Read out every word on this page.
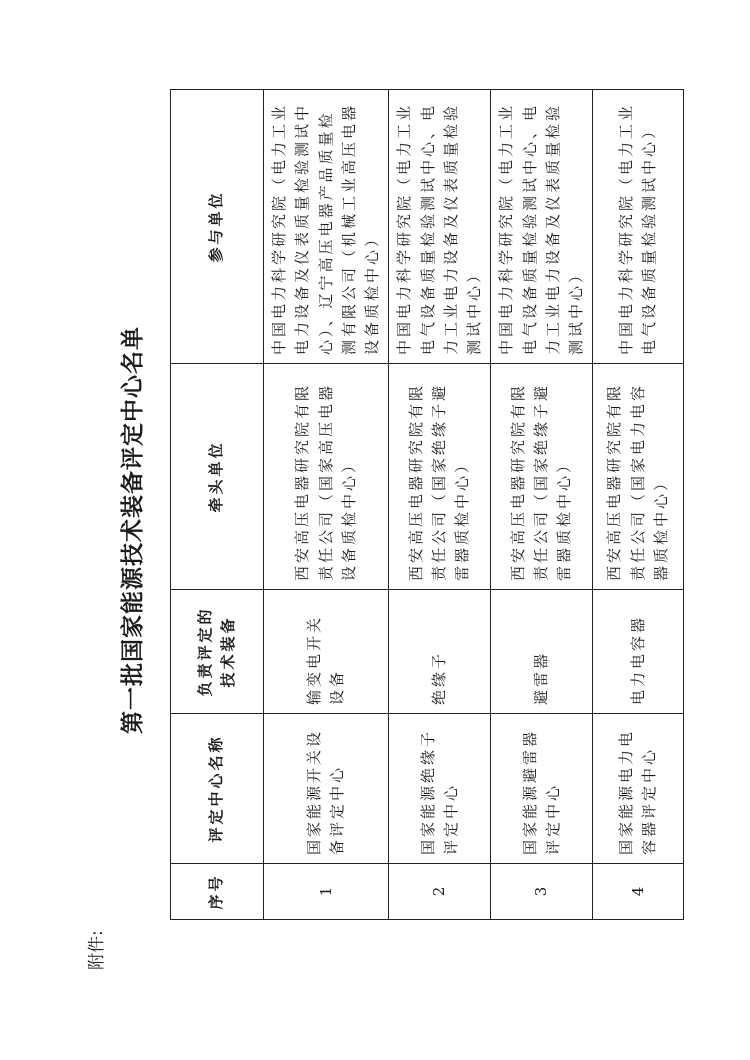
附件:
第一批国家能源技术装备评定中心名单
序号	评定中心名称	负责评定的技术装备	牵头单位	参与单位
1	国家能源开关设备评定中心	输变电开关设备	西安高压电器研究院有限责任公司（国家高压电器设备质检中心）	中国电力科学研究院（电力工业电力设备及仪表质量检验测试中心）、辽宁高压电器产品质量检测有限公司（机械工业高压电器设备质检中心）
2	国家能源绝缘子评定中心	绝缘子	西安高压电器研究院有限责任公司（国家绝缘子避雷器质检中心）	中国电力科学研究院（电力工业电气设备质量检验测试中心、电力工业电力设备及仪表质量检验测试中心）
3	国家能源避雷器评定中心	避雷器	西安高压电器研究院有限责任公司（国家绝缘子避雷器质检中心）	中国电力科学研究院（电力工业电气设备质量检验测试中心、电力工业电力设备及仪表质量检验测试中心）
4	国家能源电力电容器评定中心	电力电容器	西安高压电器研究院有限责任公司（国家电力电容器质检中心）	中国电力科学研究院（电力工业电气设备质量检验测试中心）
